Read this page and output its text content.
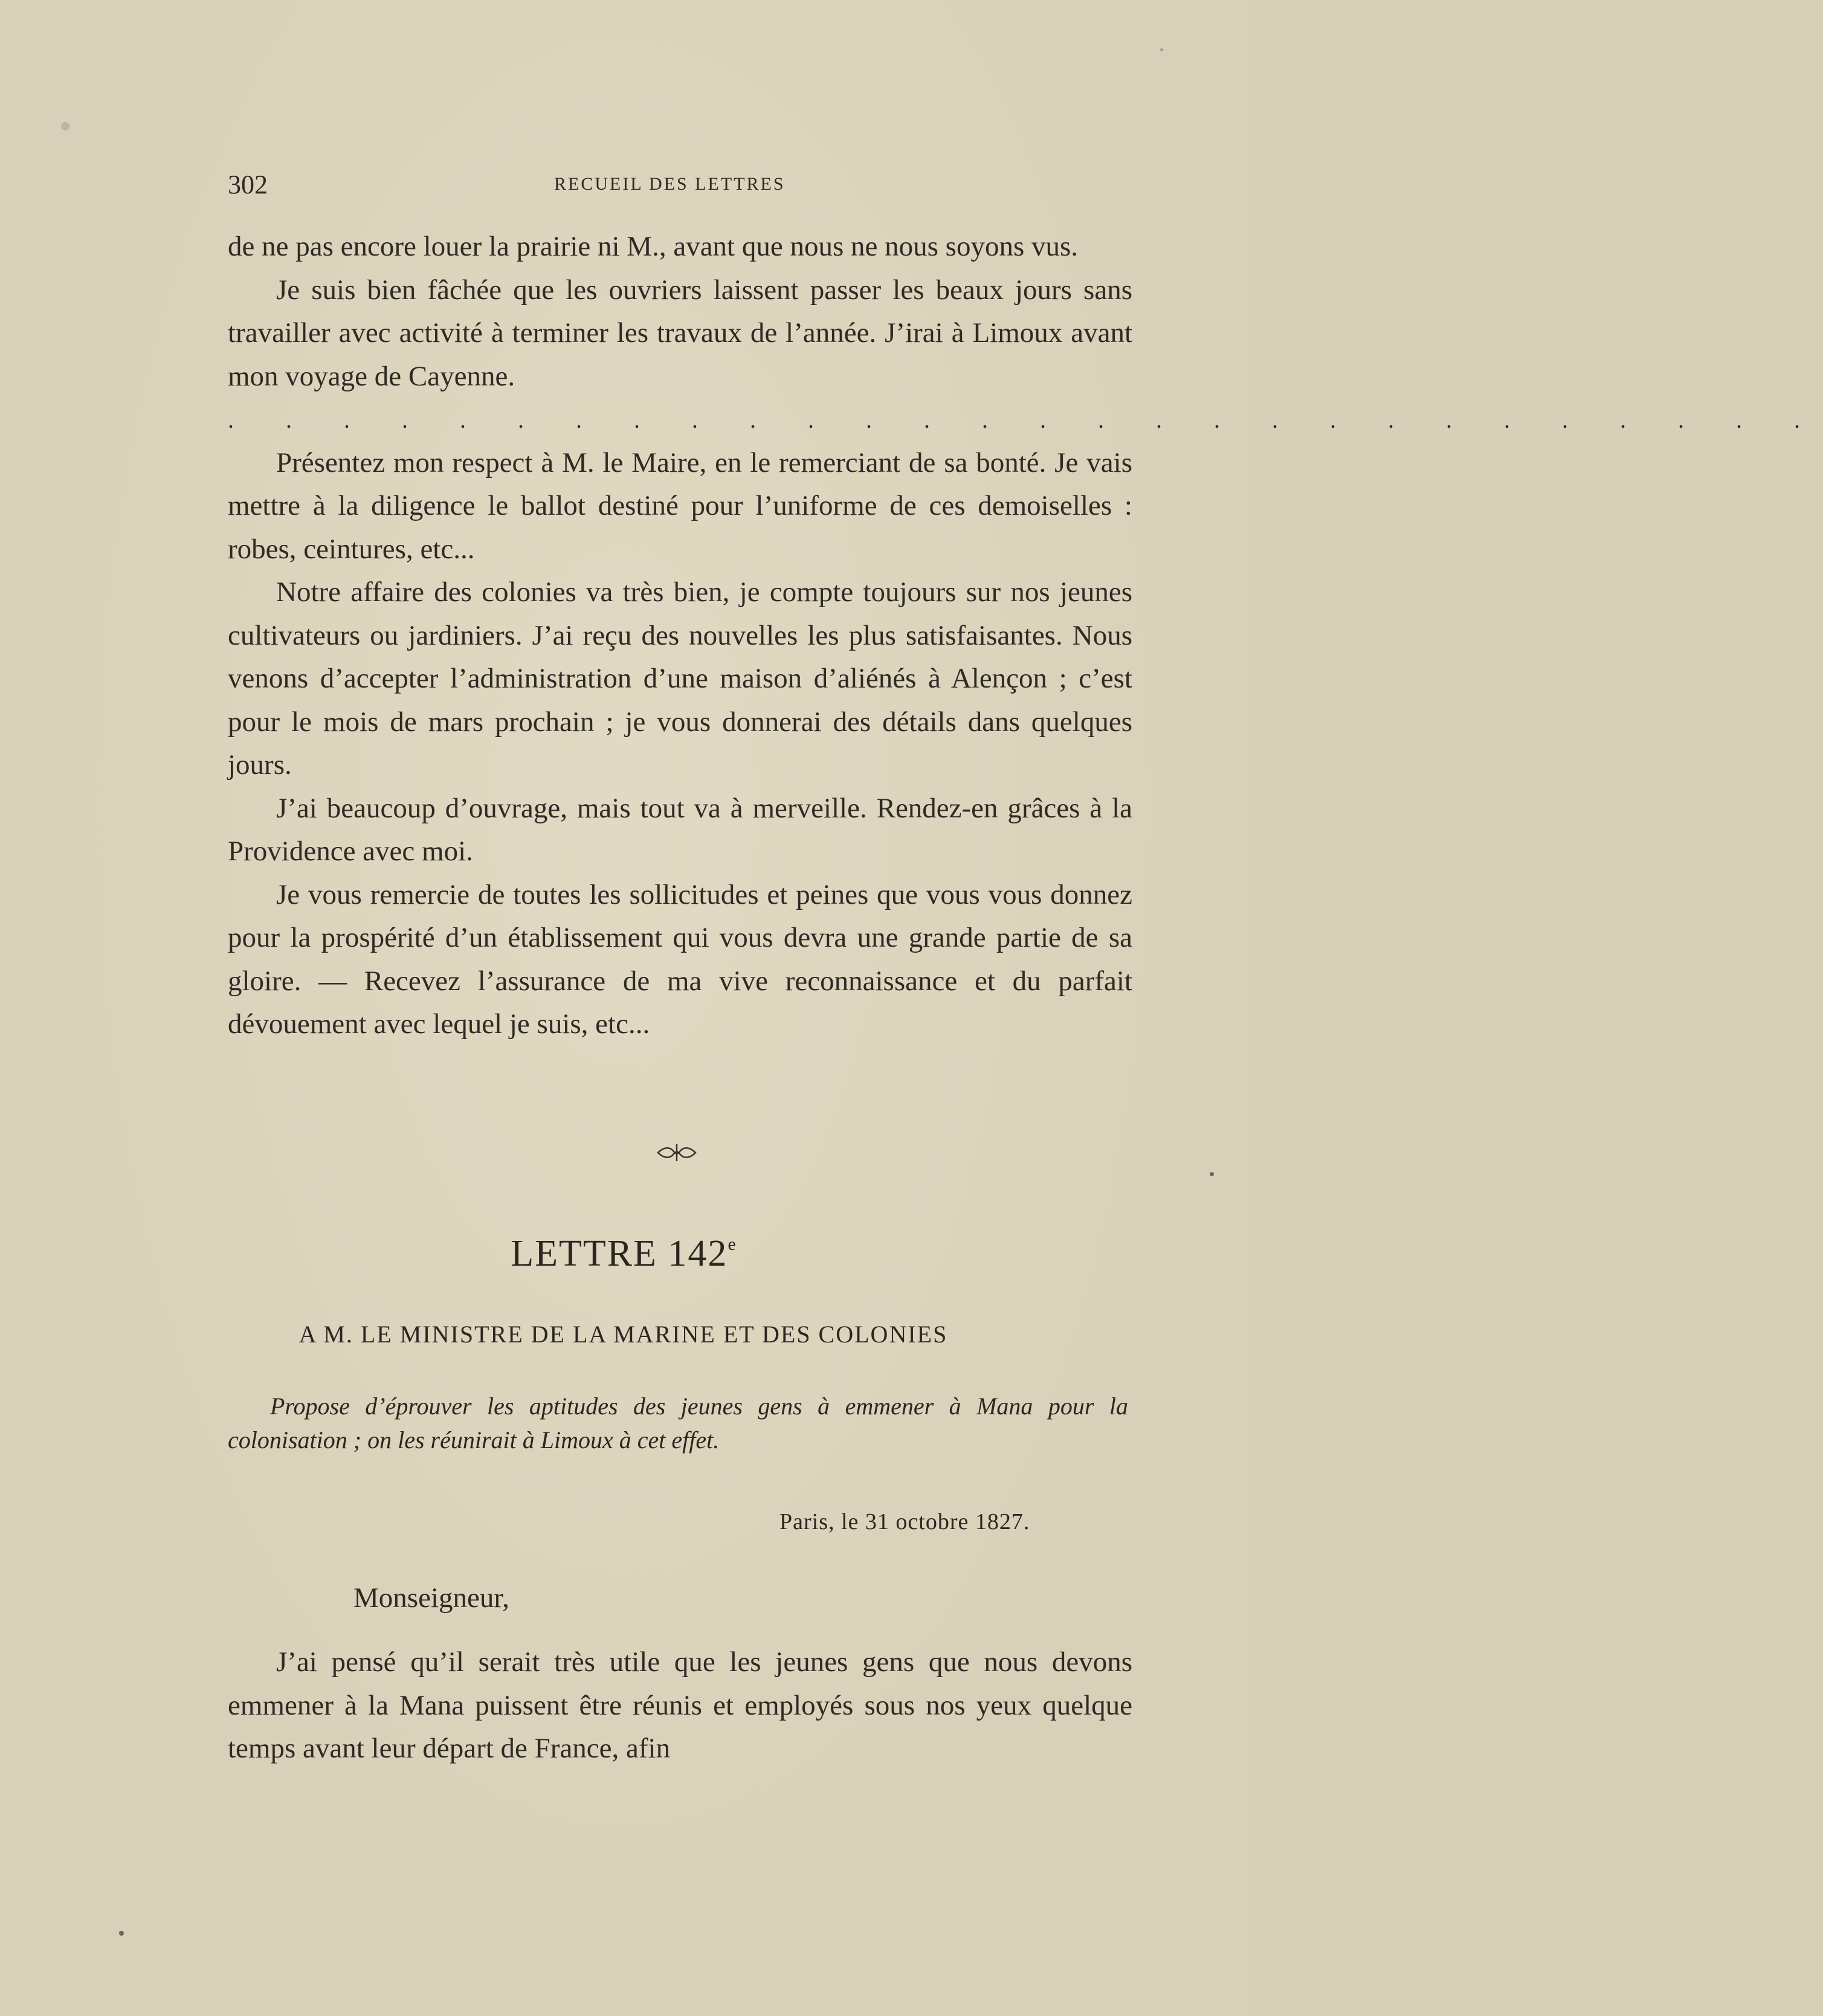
302	RECUEIL DES LETTRES

de ne pas encore louer la prairie ni M., avant que nous ne nous soyons vus.

Je suis bien fâchée que les ouvriers laissent passer les beaux jours sans travailler avec activité à terminer les travaux de l’année. J’irai à Limoux avant mon voyage de Cayenne.

. . . . . . . . . . . . . . . . . . . . . . . . . . . .

Présentez mon respect à M. le Maire, en le remerciant de sa bonté. Je vais mettre à la diligence le ballot destiné pour l’uniforme de ces demoiselles : robes, ceintures, etc...

Notre affaire des colonies va très bien, je compte toujours sur nos jeunes cultivateurs ou jardiniers. J’ai reçu des nouvelles les plus satisfaisantes. Nous venons d’accepter l’administration d’une maison d’aliénés à Alençon ; c’est pour le mois de mars prochain ; je vous donnerai des détails dans quelques jours.

J’ai beaucoup d’ouvrage, mais tout va à merveille. Rendez-en grâces à la Providence avec moi.

Je vous remercie de toutes les sollicitudes et peines que vous vous donnez pour la prospérité d’un établissement qui vous devra une grande partie de sa gloire. — Recevez l’assurance de ma vive reconnaissance et du parfait dévouement avec lequel je suis, etc...

LETTRE 142e
A M. LE MINISTRE DE LA MARINE ET DES COLONIES
Propose d’éprouver les aptitudes des jeunes gens à emmener à Mana pour la colonisation ; on les réunirait à Limoux à cet effet.
Paris, le 31 octobre 1827.
Monseigneur,

J’ai pensé qu’il serait très utile que les jeunes gens que nous devons emmener à la Mana puissent être réunis et employés sous nos yeux quelque temps avant leur départ de France, afin
